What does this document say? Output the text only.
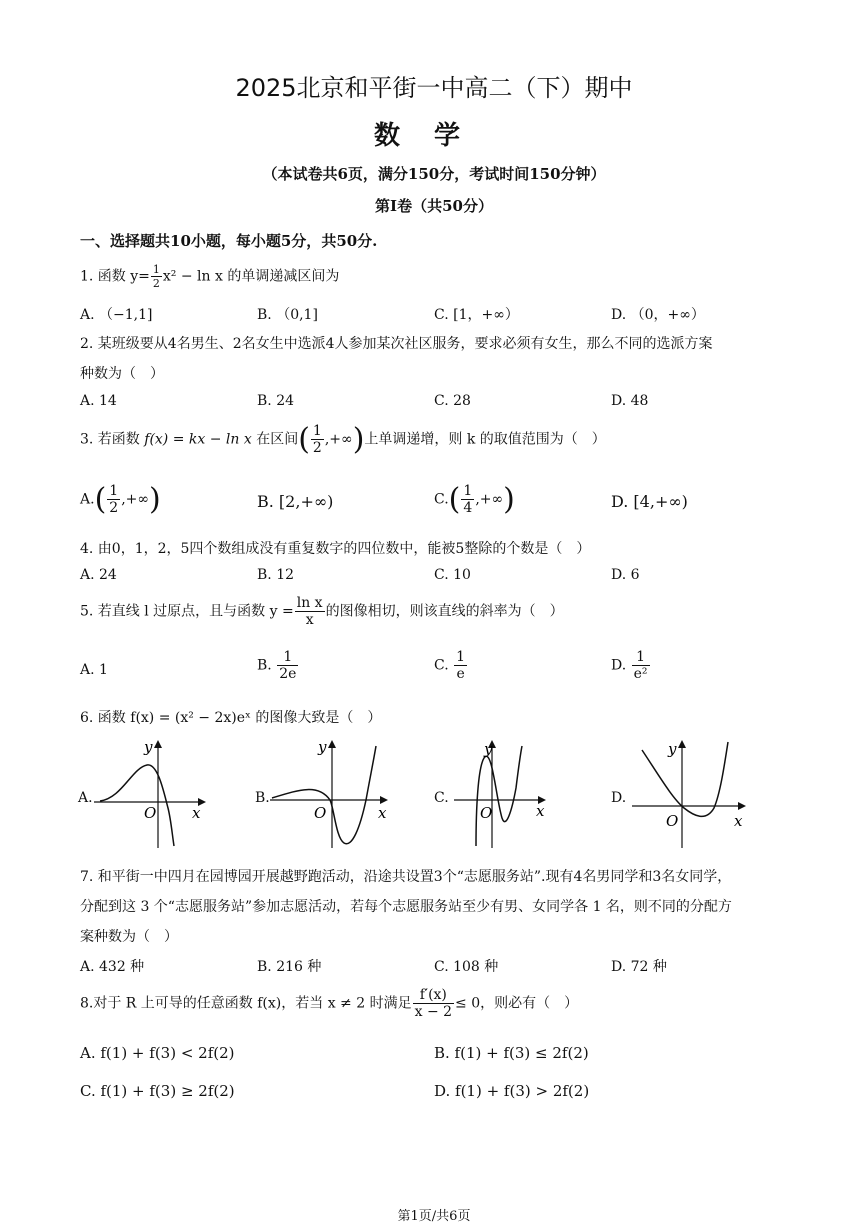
2025北京和平街一中高二（下）期中
数学
（本试卷共6页，满分150分，考试时间150分钟）
第Ⅰ卷（共50分）
一、选择题共10小题，每小题5分，共50分.
1. 函数 $y= \frac{1}{2} x^2 - \ln x$ 的单调递减区间为
A. （−1,1]	B. （0,1]	C. [1，+∞）	D. （0，+∞）
2. 某班级要从4名男生、2名女生中选派4人参加某次社区服务，要求必须有女生，那么不同的选派方案
种数为（　）
A. 14	B. 24	C. 28	D. 48
3. 若函数 f(x) = kx − ln x 在区间( $\frac{1}{2}$ ,+∞)上单调递增，则 k 的取值范围为（　）
$A.( \frac{1}{2}$ ,+∞)	B. [2,+∞)	$C.( \frac{1}{4}$ ,+∞)	D. [4,+∞)
4. 由0，1，2，5四个数组成没有重复数字的四位数中，能被5整除的个数是（　）
A. 24	B. 12	C. 10	D. 6
5. 若直线 l 过原点，且与函数 $y = \frac{\text{ln x}}{x}$ 的图像相切，则该直线的斜率为（　）
A. 1	B. $\frac{1}{2e}$	C. $\frac{1}{e}$	D. $\frac{1}{\text{e²}}$
6. 函数 f(x) = (x² − 2x)eˣ 的图像大致是（　）
A.
y
x
O
B.
y
x
O
C.
y
x
O
D.
y
x
O
7. 和平街一中四月在园博园开展越野跑活动，沿途共设置3个“志愿服务站”.现有4名男同学和3名女同学，
分配到这 3 个“志愿服务站”参加志愿活动，若每个志愿服务站至少有男、女同学各 1 名，则不同的分配方
案种数为（　）
A. 432 种	B. 216 种	C. 108 种	D. 72 种
8.对于 R 上可导的任意函数 f(x)，若当 x ≠ 2 时满足 $\frac{f'(x)}{x - 2} \le 0$，则必有（　）
A. f(1) + f(3) < 2f(2)	B. f(1) + f(3) ≤ 2f(2)
C. f(1) + f(3) ≥ 2f(2)	D. f(1) + f(3) > 2f(2)
第1页/共6页
